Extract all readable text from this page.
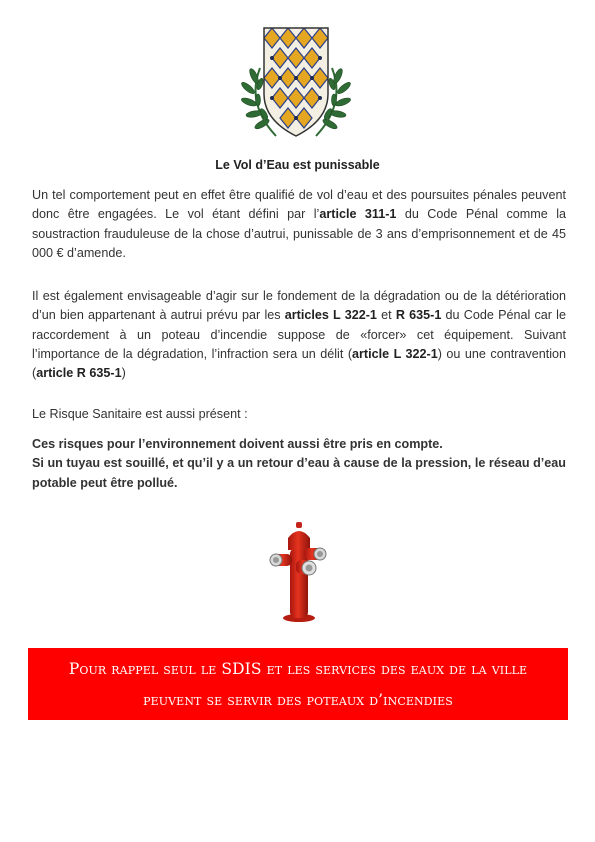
Le Vol d’Eau est punissable
Un tel comportement peut en effet être qualifié de vol d’eau et des poursuites pénales peuvent donc être engagées. Le vol étant défini par l’article 311-1 du Code Pénal comme la soustraction frauduleuse de la chose d’autrui, punissable de 3 ans d’emprisonnement et de 45 000 € d’amende.
Il est également envisageable d’agir sur le fondement de la dégradation ou de la détérioration d’un bien appartenant à autrui prévu par les articles L 322-1 et R 635-1 du Code Pénal car le raccordement à un poteau d’incendie suppose de «forcer» cet équipement. Suivant l’importance de la dégradation, l’infraction sera un délit (article L 322-1) ou une contravention (article R 635-1)
Le Risque Sanitaire est aussi présent :
Ces risques pour l’environnement doivent aussi être pris en compte.
Si un tuyau est souillé, et qu’il y a un retour d’eau à cause de la pression, le réseau d’eau potable peut être pollué.
Pour rappel seul le SDIS et les services des eaux de la ville peuvent se servir des poteaux d’incendies
